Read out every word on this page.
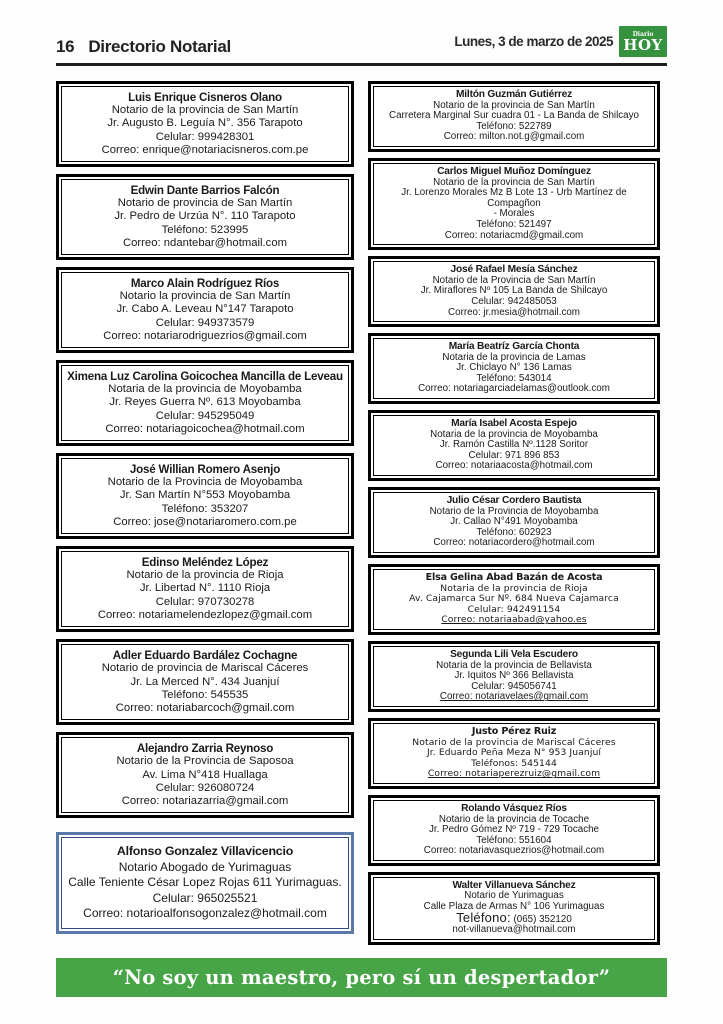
16 Directorio Notarial	Lunes, 3 de marzo de 2025	Diario
HOY
Luis Enrique Cisneros Olano
Notario de la provincia de San Martín
Jr. Augusto B. Leguía N°. 356 Tarapoto
Celular: 999428301
Correo: enrique@notariacisneros.com.pe
Edwin Dante Barrios Falcón
Notario de provincia de San Martín
Jr. Pedro de Urzúa N°. 110 Tarapoto
Teléfono: 523995
Correo: ndantebar@hotmail.com
Marco Alain Rodríguez Ríos
Notario la provincia de San Martín
Jr. Cabo A. Leveau N°147 Tarapoto
Celular: 949373579
Correo: notariarodriguezrios@gmail.com
Ximena Luz Carolina Goicochea Mancilla de Leveau
Notaria de la provincia de Moyobamba
Jr. Reyes Guerra Nº. 613 Moyobamba
Celular: 945295049
Correo: notariagoicochea@hotmail.com
José Willian Romero Asenjo
Notario de la Provincia de Moyobamba
Jr. San Martín N°553 Moyobamba
Teléfono: 353207
Correo: jose@notariaromero.com.pe
Edinso Meléndez López
Notario de la provincia de Rioja
Jr. Libertad N°. 1110 Rioja
Celular: 970730278
Correo: notariamelendezlopez@gmail.com
Adler Eduardo Bardález Cochagne
Notario de provincia de Mariscal Cáceres
Jr. La Merced N°. 434 Juanjuí
Teléfono: 545535
Correo: notariabarcoch@gmail.com
Alejandro Zarria Reynoso
Notario de la Provincia de Saposoa
Av. Lima N°418 Huallaga
Celular: 926080724
Correo: notariazarria@gmail.com
Alfonso Gonzalez Villavicencio
Notario Abogado de Yurimaguas
Calle Teniente César Lopez Rojas 611 Yurimaguas.
Celular: 965025521
Correo: notarioalfonsogonzalez@hotmail.com
Miltón Guzmán Gutiérrez
Notario de la provincia de San Martín
Carretera Marginal Sur cuadra 01 - La Banda de Shilcayo
Teléfono: 522789
Correo: milton.not.g@gmail.com
Carlos Miguel Muñoz Domínguez
Notario de la provincia de San Martín
Jr. Lorenzo Morales Mz B Lote 13 - Urb Martínez de Compagñon
- Morales
Teléfono: 521497
Correo: notariacmd@gmail.com
José Rafael Mesía Sánchez
Notario de la Provincia de San Martín
Jr. Miraflores Nº 105 La Banda de Shilcayo
Celular: 942485053
Correo: jr.mesia@hotmail.com
María Beatríz García Chonta
Notaria de la provincia de Lamas
Jr. Chiclayo N° 136 Lamas
Teléfono: 543014
Correo: notariagarciadelamas@outlook.com
María Isabel Acosta Espejo
Notaria de la provincia de Moyobamba
Jr. Ramón Castilla Nº.1128 Soritor
Celular: 971 896 853
Correo: notariaacosta@hotmail.com
Julio César Cordero Bautista
Notario de la Provincia de Moyobamba
Jr. Callao N°491 Moyobamba
Teléfono: 602923
Correo: notariacordero@hotmail.com
Elsa Gelina Abad Bazán de Acosta
Notaria de la provincia de Rioja
Av. Cajamarca Sur Nº. 684 Nueva Cajamarca
Celular: 942491154
Correo: notariaabad@yahoo.es
Segunda Lili Vela Escudero
Notaria de la provincia de Bellavista
Jr. Iquitos Nº 366 Bellavista
Celular: 945056741
Correo: notariavelaes@gmail.com
Justo Pérez Ruiz
Notario de la provincia de Mariscal Cáceres
Jr. Eduardo Peña Meza N° 953 Juanjuí
Teléfonos: 545144
Correo: notariaperezruiz@gmail.com
Rolando Vásquez Ríos
Notario de la provincia de Tocache
Jr. Pedro Gómez Nº 719 - 729 Tocache
Teléfono: 551604
Correo: notariavasquezrios@hotmail.com
Walter Villanueva Sánchez
Notario de Yurimaguas
Calle Plaza de Armas N° 106 Yurimaguas
Teléfono: (065) 352120
not-villanueva@hotmail.com
“No soy un maestro, pero sí un despertador”
